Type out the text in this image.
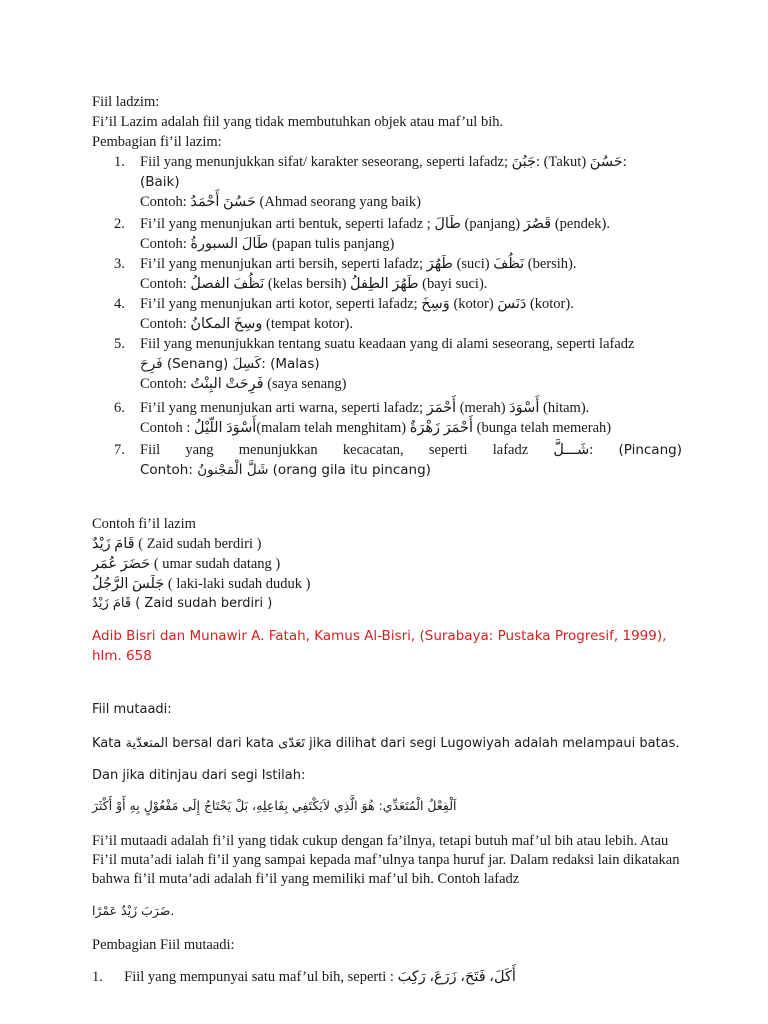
Fiil ladzim:
Fi’il Lazim adalah fiil yang tidak membutuhkan objek atau maf’ul bih.
Pembagian fi’il lazim:
1. Fiil yang menunjukkan sifat/ karakter seseorang, seperti lafadz; جَبُنَ: (Takut) حَسُنَ:
(Baik)
Contoh: حَسُنَ أَحْمَدُ (Ahmad seorang yang baik)
2. Fi’il yang menunjukan arti bentuk, seperti lafadz ; طَالَ (panjang) قَصُرَ (pendek).
Contoh: طَالَ السبورةُ (papan tulis panjang)
3. Fi’il yang menunjukan arti bersih, seperti lafadz; طَهُرَ (suci) نَظُفَ (bersih).
Contoh: نَظُفَ الفصلُ (kelas bersih) طَهُرَ الطِفلُ (bayi suci).
4. Fi’il yang menunjukan arti kotor, seperti lafadz; وَسِخَ (kotor) دَنَسَ (kotor).
Contoh: وسِخَ المكانُ (tempat kotor).
5. Fiil yang menunjukkan tentang suatu keadaan yang di alami seseorang, seperti lafadz
فَرِحَ (Senang) كَسِلَ: (Malas)
Contoh: فَرِحَتْ البِنْتُ (saya senang)
6. Fi’il yang menunjukan arti warna, seperti lafadz; أَحْمَرَ (merah) أَسْوَدَ (hitam).
Contoh : أَسْوَدَ اللّيْلُ(malam telah menghitam) أَحْمَرَ زَهْرَةٌ (bunga telah memerah)
7. Fiil yang menunjukkan kecacatan, seperti lafadz شَـــلَّ: (Pincang)
Contoh: شَلَّ الْمَجْنونُ (orang gila itu pincang)
Contoh fi’il lazim
قَامَ زَيْدٌ ( Zaid sudah berdiri )
حَضَرَ عُمَر ( umar sudah datang )
جَلَسَ الرَّجُلُ ( laki-laki sudah duduk )
قَامَ زَيْدٌ ( Zaid sudah berdiri )
Adib Bisri dan Munawir A. Fatah, Kamus Al-Bisri, (Surabaya: Pustaka Progresif, 1999), hlm. 658
Fiil mutaadi:
Kata المتعدّية bersal dari kata تَعَدّى jika dilihat dari segi Lugowiyah adalah melampaui batas.
Dan jika ditinjau dari segi Istilah:
اَلْفِعْلُ الْمُتَعَدِّي: هُوَ الَّذِي لاَيَكْتَفِي بِفَاعِلِهِ، بَلْ يَحْتَاجُ إِلَى مَفْعُوْلٍ بِهِ أَوْ أَكْثَرَ
Fi’il mutaadi adalah fi’il yang tidak cukup dengan fa’ilnya, tetapi butuh maf’ul bih atau lebih. Atau Fi’il muta’adi ialah fi’il yang sampai kepada maf’ulnya tanpa huruf jar. Dalam redaksi lain dikatakan bahwa fi’il muta’adi adalah fi’il yang memiliki maf’ul bih. Contoh lafadz
ضَرَبَ زَيْدٌ عَمْرًا.
Pembagian Fiil mutaadi:
1. Fiil yang mempunyai satu maf’ul bih, seperti : أَكَلَ، فَتَحَ، زَرَعَ، رَكِبَ
